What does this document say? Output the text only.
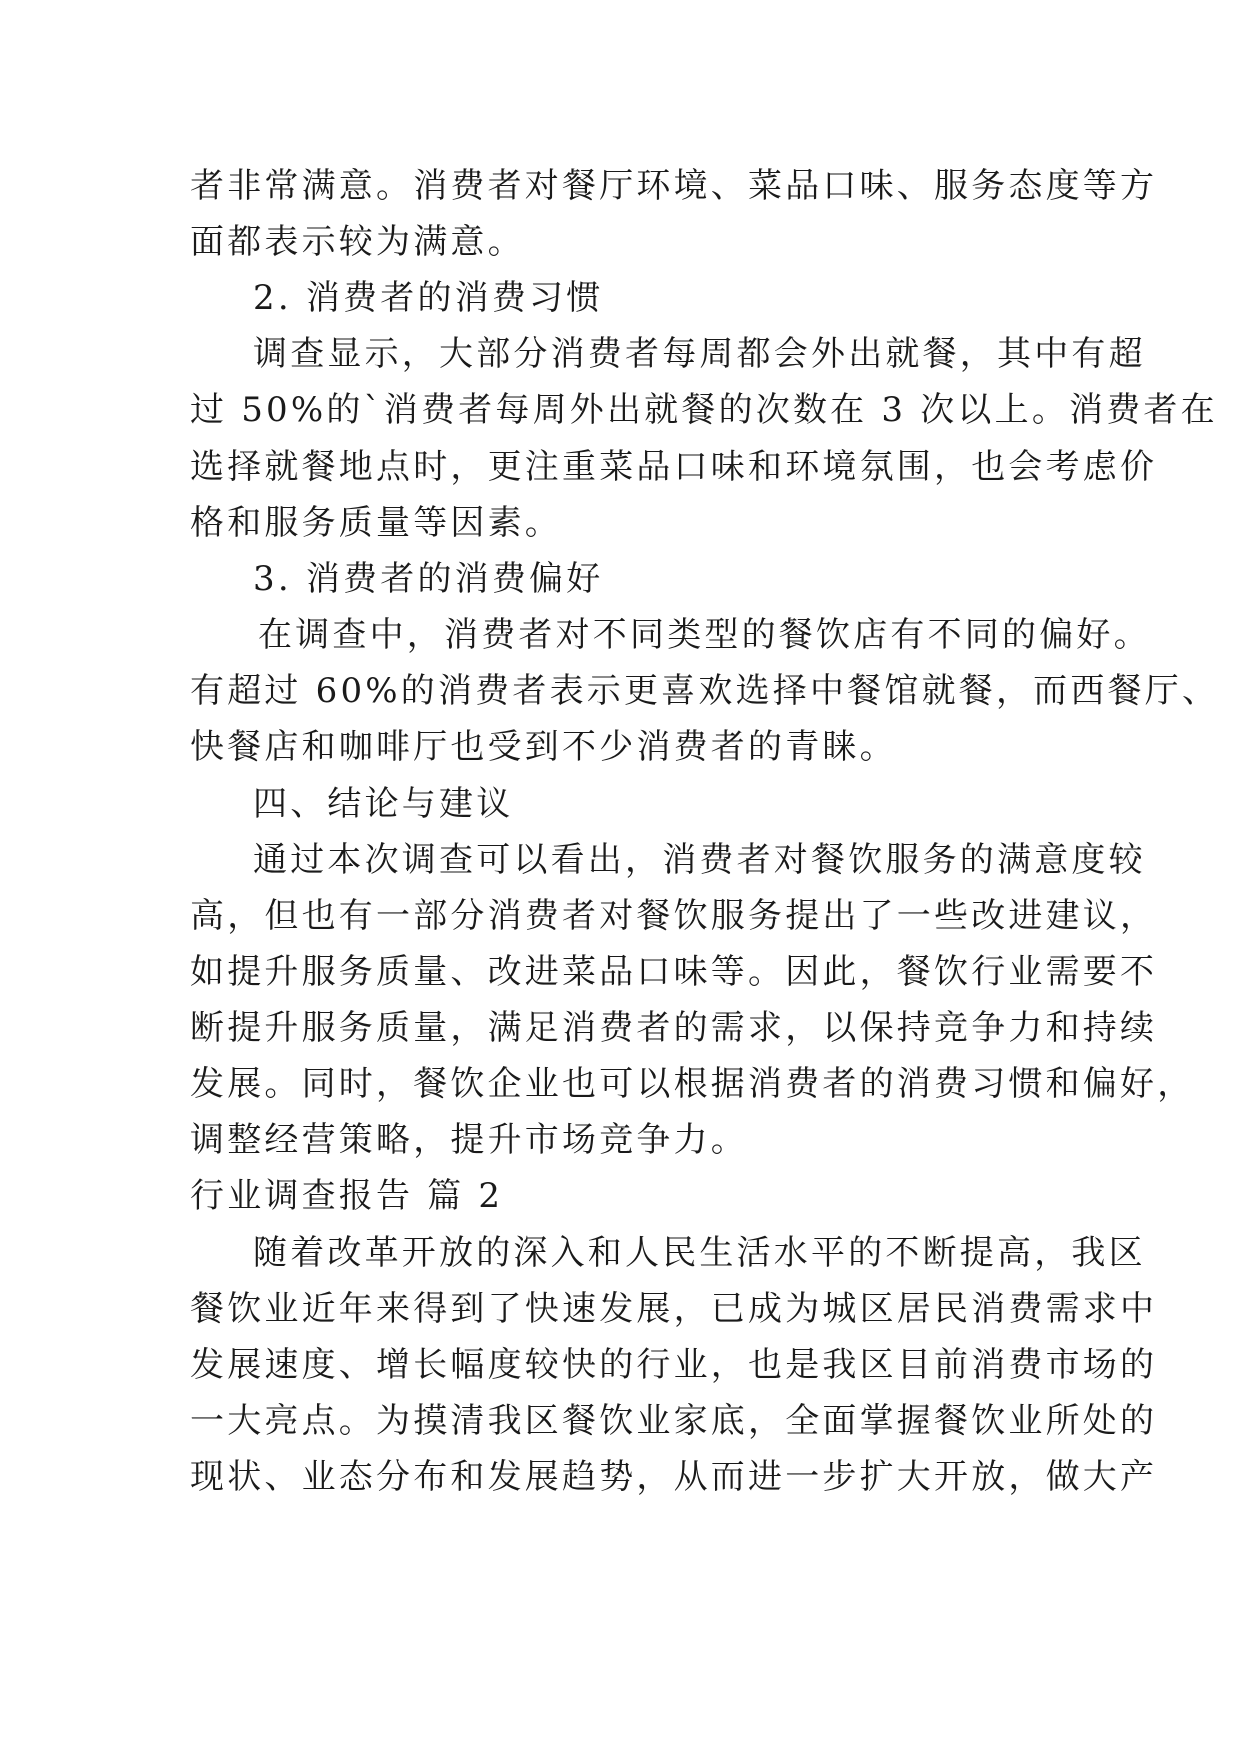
者非常满意。消费者对餐厅环境、菜品口味、服务态度等方
面都表示较为满意。
2. 消费者的消费习惯
调查显示，大部分消费者每周都会外出就餐，其中有超
过 50%的`消费者每周外出就餐的次数在 3 次以上。消费者在
选择就餐地点时，更注重菜品口味和环境氛围，也会考虑价
格和服务质量等因素。
3. 消费者的消费偏好
在调查中，消费者对不同类型的餐饮店有不同的偏好。
有超过 60%的消费者表示更喜欢选择中餐馆就餐，而西餐厅、
快餐店和咖啡厅也受到不少消费者的青睐。
四、结论与建议
通过本次调查可以看出，消费者对餐饮服务的满意度较
高，但也有一部分消费者对餐饮服务提出了一些改进建议，
如提升服务质量、改进菜品口味等。因此，餐饮行业需要不
断提升服务质量，满足消费者的需求，以保持竞争力和持续
发展。同时，餐饮企业也可以根据消费者的消费习惯和偏好，
调整经营策略，提升市场竞争力。
行业调查报告 篇 2
随着改革开放的深入和人民生活水平的不断提高，我区
餐饮业近年来得到了快速发展，已成为城区居民消费需求中
发展速度、增长幅度较快的行业，也是我区目前消费市场的
一大亮点。为摸清我区餐饮业家底，全面掌握餐饮业所处的
现状、业态分布和发展趋势，从而进一步扩大开放，做大产
